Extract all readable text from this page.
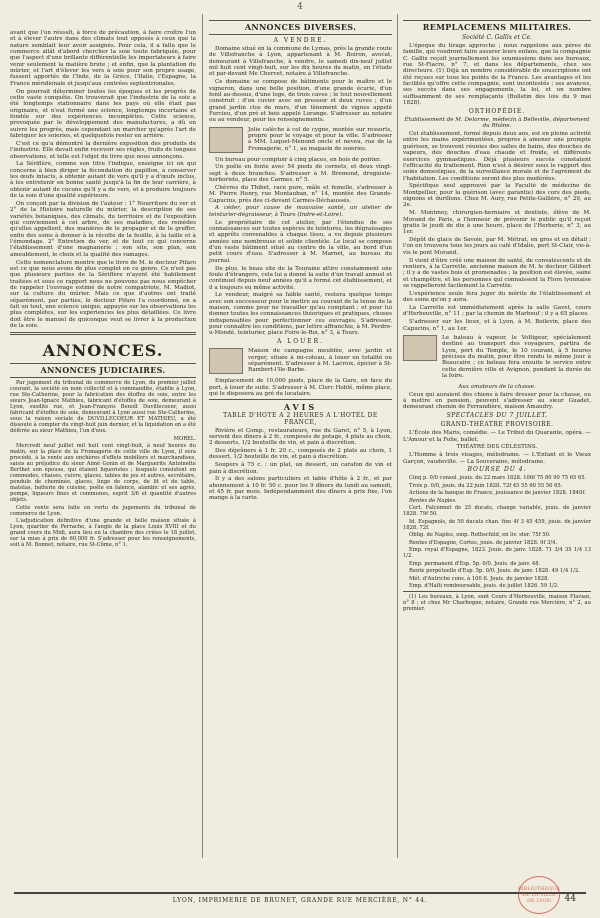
4

avant que l'on réussît, à force de précaution, à faire croître l'un et à élever l'autre dans des climats tout opposés à ceux que la nature semblait leur avoir assignés. Pour cela, il a fallu que le commerce allât d'abord chercher la soie toute fabriquée, pour que l'aspect d'une brillante différentielle les importateurs à faire venir seulement la matière brute ; et enfin, que la plantation du mûrier, et l'art d'élever les vers à soie pour son propre usage, fussent apportés de l'Inde, de la Grèce, l'Italie, l'Espagne, la France méridionale et jusqu'aux contrées septentrionales.

On pourrait déterminer toutes les époques et les progrès de cette vaste conquête. On trouverait que l'industrie de la soie a été longtemps stationnaire dans les pays où elle était pas originaire, et n'eut formé une science, longtemps incertaine et fondée sur des expériences incomplètes. Cette science, provoquée par le développement des manufactures, a dû en suivre les progrès, mais cependant un marcher qu'après l'art de fabriquer les soieries, et quelquefois rester en arrière.

C'est ce qu'a démontré la dernière exposition des produits de l'industrie. Elle devait enfin recevoir ses règles, fruits de longues observations, et telle est l'objet du livre que nous annonçons.

La Sériflère, comme son titre l'indique, enseigne ici un qui concerne à bien diriger la fécondation du papillon, à conserver les œufs intacts, à obtenir autant de vers qu'il y a d'œufs inclus, à les entretenir en bonne santé jusqu'à la fin de leur carrière, à obtenir autant de cocons qu'il y a de vers, et à produire toujours de la soie d'une qualité supérieure.

On conçoit par la division de l'auteur : 1° Nourriture du ver et 2° de la Histoire naturelle du mûrier, la description de ses variétés botaniques, des climats, du territoire et de l'exposition qui conviennent à cet arbre, de ses maladies, des remèdes qu'elles appellent, des manières de le propager et de le greffer, enfin des soins à donner à la récolte de la feuille, à la taille et à l'émondage. 2° Entretien du ver, et de tout ce qui concerne l'établissement d'une magnanerie ; son site, son plan, son ameublement, le choix et la qualité des ramages.

Cette nomenclature montre que le livre de M. le docteur Pifaro est ce que nous avons de plus complet en ce genre. Ce n'est pas que plusieurs parties de la Sériflère n'ayent été habilement traitées et sous ce rapport nous ne pouvons pas nous empêcher de rappeler l'ouvrage estimé de notre compatriote, M. Madiot, sur la culture du mûrier. Mais ce que d'autres ont traité séparément, par parties, le docteur Pifaro l'a coordonné, en a fait un tout, une science unique, appuyée sur les observations les plus complètes, sur les expériences les plus détaillées. Ce livre doit être le manuel de quiconque veut se livrer à la production de la soie.

ANNONCES.
ANNONCES JUDICIAIRES.

Par jugement du tribunal de commerce de Lyon, du premier juillet courant, la société en nom collectif et à commandite, établie à Lyon, rue Ste-Catherine, pour la fabrication des étoffes de soie, entre les sieurs Jean-Ignace Mathieu, fabricant d'étoffes de soie, demeurant à Lyon, susdite rue, et Jean-François Benoît Duvillecoeur, aussi fabricant d'étoffes de soie, demeurant à Lyon aussi rue Ste-Catherine, sous la raison sociale de DUVILLECOEUR ET MATHIEU, a été dissoute à compter du vingt-huit juin dernier, et la liquidation en a été déférée au sieur Mathieu, l'un d'eux.

MOREL.

Mercredi neuf juillet mil huit cent vingt-huit, à neuf heures du matin, sur la place de la Fromagerie de cette ville de Lyon, il sera procédé, à la vente aux enchères d'effets mobiliers et marchandises, saisis au préjudice du sieur Aimé Gonin et de Marguerite Antoinette Berthet son épouse, qui étaient liquoristes ; lesquels consistent en commodes, chaises, cuivre, glaces, tables de jeu et autres, secrétaire, pendule de cheminée, glaces, linge de corps, de lit et de table, matelas, batterie de cuisine, poêle en faïence, alambic et ses agrès, pompe, liqueurs fines et communes, esprit 3/6 et quantité d'autres objets.

Cette vente sera faite en vertu de jugements du tribunal de commerce de Lyon.

L'adjudication définitive d'une grande et belle maison située à Lyon, quartier de Perrache, à l'angle de la place Louis XVIII et du grand cours du Midi, aura lieu en la chambre des criées le 18 juillet, sur la mise à prix de 60,000 fr. S'adresser pour les renseignements, soit à M. Bonnet, notaire, rue St-Côme, n° 1.

ANNONCES DIVERSES.
A VENDRE.

Domaine situé en la commune de Lymas, près la grande route de Villefranche à Lyon, appartenant à M. Boiron, avocat, demeurant à Villefranche, à vendre, le samedi dix-neuf juillet mil huit cent vingt-huit, sur les dix heures du matin, en l'étude et par-devant Me Chervet, notaire à Villefranche.

Ce domaine se compose de bâtiments pour le maître et le vigneron, dans une belle position, d'une grande écurie, d'un fenil au-dessus, d'une loge, de trois caves ; le tout nouvellement construit ; d'un cuvier avec un pressoir et deux cuves ; d'un grand jardin clos de murs, d'un tènement de vignes appelé Forcieu, d'un pré et bois appelé Lorange. S'adresser au notaire ou au vendeur, pour les renseignements.

Jolie calèche à col de cygne, montée sur ressorts, propre pour le voyage et pour la ville. S'adresser à MM. Luquet-Menond oncle et neveu, rue de la Fromagerie, n° 1, au magasin de soieries.

Un bureau pour comptoir à cinq places, en bois de poirier.

Un poêle en fonte avec 54 pieds de cornets, et deux vingt-sept à deux branches. S'adresser à M. Bremond, droguiste-herboriste, place des Carmes, n° 5.

Chèvres du Thibet, race pure, mâle et femelle, s'adresser à M. Pierre Henry, rue Montauban, n° 14, montée des Grands-Capucins, près des ci-devant Carmes-Déchaussés.

A céder, pour cause de mauvaise santé, un atelier de teinturier-dégraisseur, à Tours (Indre-et-Loire).

Le propriétaire de cet atelier, par l'étendue de ses connaissances sur toutes espèces de teintures, les dégraissages et apprêts convenables à chaque tissu, a vu depuis plusieurs années une nombreuse et solide clientèle. Le local se compose d'un vaste bâtiment situé au centre de la ville, au bord d'un petit cours d'eau. S'adresser à M. Marnet, au bureau du journal.

De plus, le beau site de la Touraine attire constamment une foule d'étrangers, cela lui a donné la suite d'un travail annuel et continuel depuis neuf années qu'il a formé cet établissement, et il a toujours eu même activité.

Le vendeur, malgré sa faible santé, restera quelque temps avec son successeur pour le mettre au courant de la tenue de la maison, comme pour ne travailler qu'au comptant ; et pour lui donner toutes les connaissances théoriques et pratiques, choses indispensables pour perfectionner ces ouvrages. S'adresser, pour connaître les conditions, par lettre affranchie, à M. Perdre-u-Mondé, teinturier, place Foire-le-Roi, n° 3, à Tours.

A LOUER.

Maison de campagne meublée, avec jardin et verger, située à mi-coteau, à louer en totalité ou séparément. S'adresser à M. Lacroix, épicier à St-Rambert-l'Ile-Barbe.

Emplacement de 10,000 pieds, place de la Gare, en face du port, à louer de suite. S'adresser à M. Clerc Hoblé, même place, qui le disposera au gré du locataire.

AVIS
TABLE D'HOTE A 2 HEURES A L'HOTEL DE FRANCE,

Rivière et Comp., restaurateurs, rue du Garet, n° 5, à Lyon, servent des dîners à 2 fr., composés de potage, 4 plats au choix, 2 desserts, 1/2 bouteille de vin, et pain à discrétion.

Des déjeûners à 1 fr. 20 c., composés de 2 plats au choix, 1 dessert, 1/2 bouteille de vin, et pain à discrétion.

Soupers à 75 c. : un plat, un dessert, un carafon de vin et pain à discrétion.

Il y a des salons particuliers et table d'hôte à 2 fr., et par abonnement à 10 fr. 50 c. pour les 9 dîners du lundi au samedi, et 45 fr. par mois. Indépendamment des dîners à prix fixe, l'on mange à la carte.

REMPLACEMENS MILITAIRES.
Société C. Gallix et Ce.

L'époque du tirage approche ; nous rappelons aux pères de famille, qui voudront faire assurer leurs enfans, que la compagnie C. Gallix reçoit journellement les soumissions dans ses bureaux, rue St-Fiacre, n° 7, et dans les départements, chez ses directeurs. (1) Déjà un nombre considérable de souscriptions ont été reçues sur tous les points de la France. Les avantages et les facilités qu'offre cette compagnie, sont incontestés ; ses avances, ses succès dans ses engagements, la loi, et un nombre suffisamment de ses remplaçants (Bulletin des lois du 9 mai 1828).

ORTHOPÉDIE.

Établissement de M. Delorme, médecin à Belleville, département du Rhône.

Cet établissement, formé depuis deux ans, est en pleine activité entre les mains expérimentées, propres à amener une prompte guérison, se trouvent réunies des salles de bains, des douches de vapeurs, des douches d'eau chaude et froide, et différents exercices gymnastiques. Déjà plusieurs succès constatent l'efficacité du traitement. Rien n'est à désirer sous le rapport des soins domestiques, de la surveillance morale et de l'agrément de l'habitation. Les conditions seront des plus modérées.

Spécifique seul approuvé par la Faculté de médecine de Montpellier, pour la guérison (avec garantie) des cors des pieds, oignons et durillons. Chez M. Aury, rue Petite-Gallière, n° 29, au 2e.

M. Montmey, chirurgien-herniaire et dentiste, élève de M. Morand de Paris, a l'honneur de prévenir le public qu'il reçoit gratis le jeudi de dix à une heure, place de l'Herberie, n° 3, au 1er.

Dépôt de glace de Savoie, par M. Métrat, en gros et en détail ; l'on en trouvera tous les jours au café d'Idalie, port St-Clair, vis-à-vis le pont Morand.

Il vient d'être créé une maison de santé, de convalescents et de rentiers, à la Carrette, ancienne maison de M. le docteur Gilibert ; il y a de vastes bois et promenades ; la position est élevée, saine et champêtre, et les personnes qui connaissent la Flore lyonnaise se rappelleront facilement la Carrette.

L'expérience seule fera juger du mérite de l'établissement et des soins qu'on y aura.

La Carrette est immédiatement après la salle Gavet, cours d'Herbouville, n° 11 ; par la chemin de Marbeuf ; il y a 65 places.

S'adresser sur les lieux, et à Lyon, à M. Boilevin, place des Capucins, n° 1, au 1er.

Le bateau à vapeur, le Voltigeur, spécialement destiné au transport des voyageurs, partira de Lyon, port du Temple, le 10 courant, à 5 heures précises du matin, pour être rendu le même jour à Beaucaire ; ce bateau fera ensuite le service entre cette dernière ville et Avignon, pendant la durée de la foire.

Aux amateurs de la chasse.

Ceux qui auraient des chiens à faire dresser pour la chasse, ou à mettre en pension, peuvent s'adresser au sieur Guadet, demeurant chemin de Ferrandière, maison Amaudry.

SPECTACLES DU 7 JUILLET.
GRAND-THÉATRE PROVISOIRE.

L'École des Maris, comédie. — Le Tribut du Quarante, opéra. — L'Amour et la Folie, ballet.

THÉATRE DES CÉLESTINS.

L'Homme à trois visages, mélodrame. — L'Enfant et le Vieux Garçon, vaudeville. — La Souveraine, mélodrame.

BOURSE DU 4.

Cinq p. 0/0 consol. jouis. du 22 mars 1828. 106f 75 80 90 75 65 65.

Trois p. 0/0, jouis. du 22 juin 1828. 72f 45 55 60 55 50 65.

Actions de la banque de France, jouissance de janvier 1828. 1840f.

Rentes de Naples.

Cert. Falconnet de 25 ducats, change variable, jouis. de janvier 1828. 79f 50.

Id. Espagnols, de 50 ducats chan. fixe 4f 3 45 459, jouis. de janvier 1828. 72f.

Oblig. de Naples, emp. Rothschild, en liv. ster. 75f 50.

Rentes d'Espagne, Cortes, jouis. de janvier 1828. 9f 3/4.

Emp. royal d'Espagne, 1823. Jouis. de janv. 1828. 71 3/4 35 1/4 13 1/2.

Emp. permanent d'Esp. 5p. 0/0. Jouis. de janv. 48.

Rente perpétuelle d'Esp. 5p. 0/0. Jouis. de janv. 1828. 49 1/4 1/2.

Mét. d'Autriche cons. à 100 fl. Jouis. de janvier 1828.

Emp. d'Haïti remboursable, jouis. de juillet 1826. 59 1/2.

(1) Les bureaux, à Lyon, sont Cours d'Herbouville, maison Flavian, n° 8 ; et chez Mr Charbogne, notaire, Grande rue Mercière, n° 2, au premier.

LYON, IMPRIMERIE DE BRUNET, GRANDE RUE MERCIÈRE, N° 44.	44
BIBLIOTHÈQUE DE LA VILLE DE LYON
